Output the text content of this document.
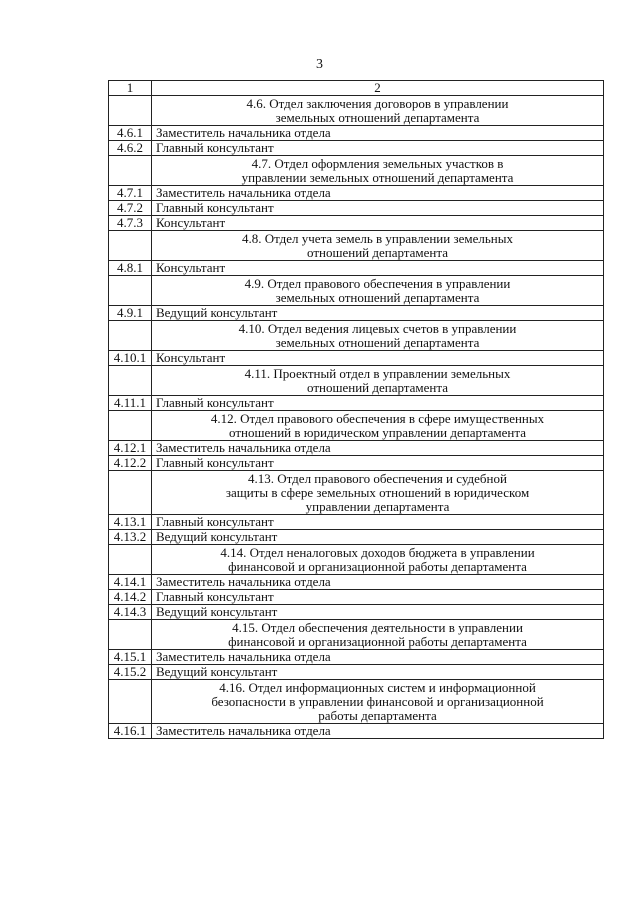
3
1	2
	4.6. Отдел заключения договоров в управлении
земельных отношений департамента
4.6.1	Заместитель начальника отдела
4.6.2	Главный консультант
	4.7. Отдел оформления земельных участков в
управлении земельных отношений департамента
4.7.1	Заместитель начальника отдела
4.7.2	Главный консультант
4.7.3	Консультант
	4.8. Отдел учета земель в управлении земельных
отношений департамента
4.8.1	Консультант
	4.9. Отдел правового обеспечения в управлении
земельных отношений департамента
4.9.1	Ведущий консультант
	4.10. Отдел ведения лицевых счетов в управлении
земельных отношений департамента
4.10.1	Консультант
	4.11. Проектный отдел в управлении земельных
отношений департамента
4.11.1	Главный консультант
	4.12. Отдел правового обеспечения в сфере имущественных
отношений в юридическом управлении департамента
4.12.1	Заместитель начальника отдела
4.12.2	Главный консультант
	4.13. Отдел правового обеспечения и судебной
защиты в сфере земельных отношений в юридическом
управлении департамента
4.13.1	Главный консультант
4.13.2	Ведущий консультант
	4.14. Отдел неналоговых доходов бюджета в управлении
финансовой и организационной работы департамента
4.14.1	Заместитель начальника отдела
4.14.2	Главный консультант
4.14.3	Ведущий консультант
	4.15. Отдел обеспечения деятельности в управлении
финансовой и организационной работы департамента
4.15.1	Заместитель начальника отдела
4.15.2	Ведущий консультант
	4.16. Отдел информационных систем и информационной
безопасности в управлении финансовой и организационной
работы департамента
4.16.1	Заместитель начальника отдела
